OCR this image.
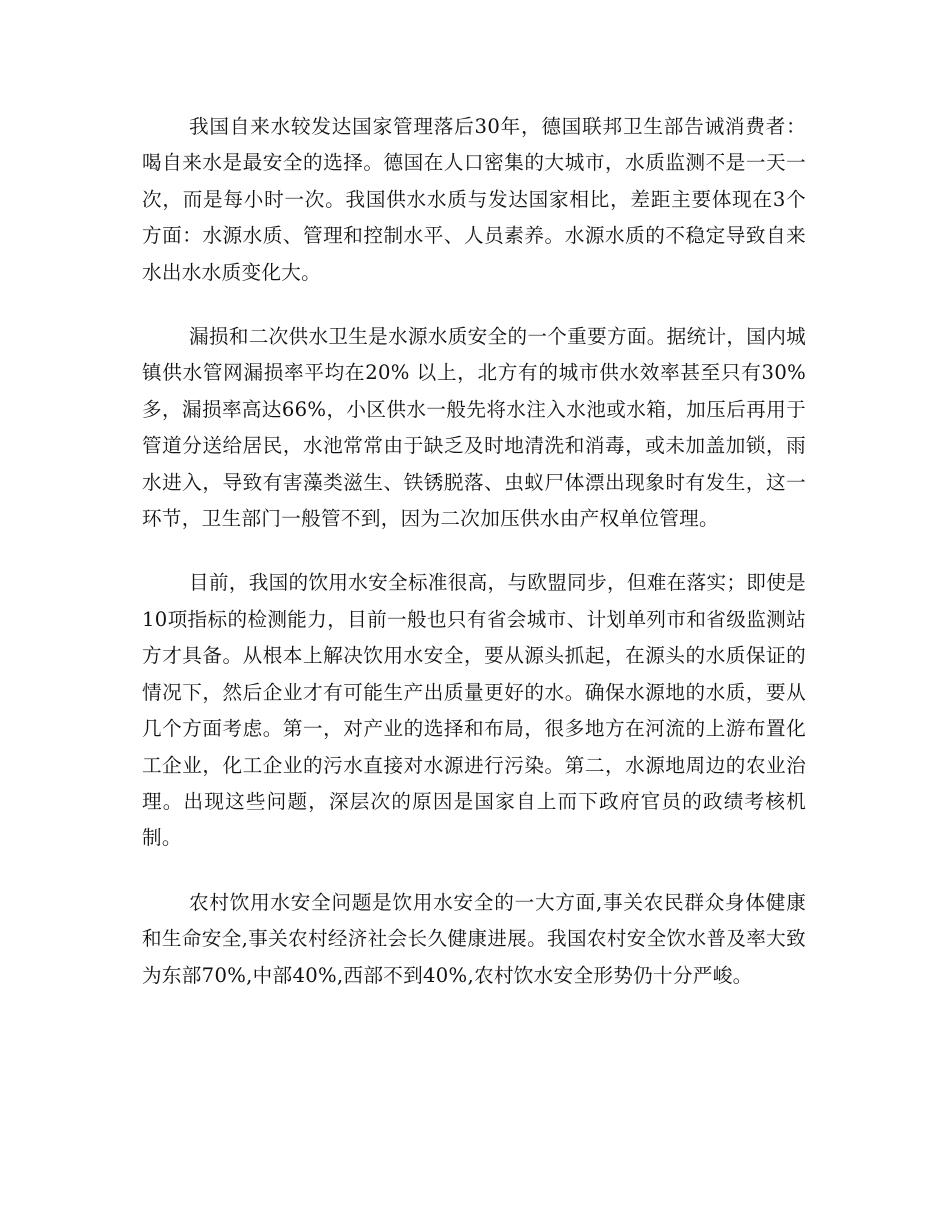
我国自来水较发达国家管理落后30年，德国联邦卫生部告诫消费者：喝自来水是最安全的选择。德国在人口密集的大城市，水质监测不是一天一次，而是每小时一次。我国供水水质与发达国家相比，差距主要体现在3个方面：水源水质、管理和控制水平、人员素养。水源水质的不稳定导致自来水出水水质变化大。

漏损和二次供水卫生是水源水质安全的一个重要方面。据统计，国内城镇供水管网漏损率平均在20% 以上，北方有的城市供水效率甚至只有30%多，漏损率高达66%，小区供水一般先将水注入水池或水箱，加压后再用于管道分送给居民，水池常常由于缺乏及时地清洗和消毒，或未加盖加锁，雨水进入，导致有害藻类滋生、铁锈脱落、虫蚁尸体漂出现象时有发生，这一环节，卫生部门一般管不到，因为二次加压供水由产权单位管理。

目前，我国的饮用水安全标准很高，与欧盟同步，但难在落实；即使是10项指标的检测能力，目前一般也只有省会城市、计划单列市和省级监测站方才具备。从根本上解决饮用水安全，要从源头抓起，在源头的水质保证的情况下，然后企业才有可能生产出质量更好的水。确保水源地的水质，要从几个方面考虑。第一，对产业的选择和布局，很多地方在河流的上游布置化工企业，化工企业的污水直接对水源进行污染。第二，水源地周边的农业治理。出现这些问题，深层次的原因是国家自上而下政府官员的政绩考核机制。

农村饮用水安全问题是饮用水安全的一大方面,事关农民群众身体健康和生命安全,事关农村经济社会长久健康进展。我国农村安全饮水普及率大致为东部70%,中部40%,西部不到40%,农村饮水安全形势仍十分严峻。
